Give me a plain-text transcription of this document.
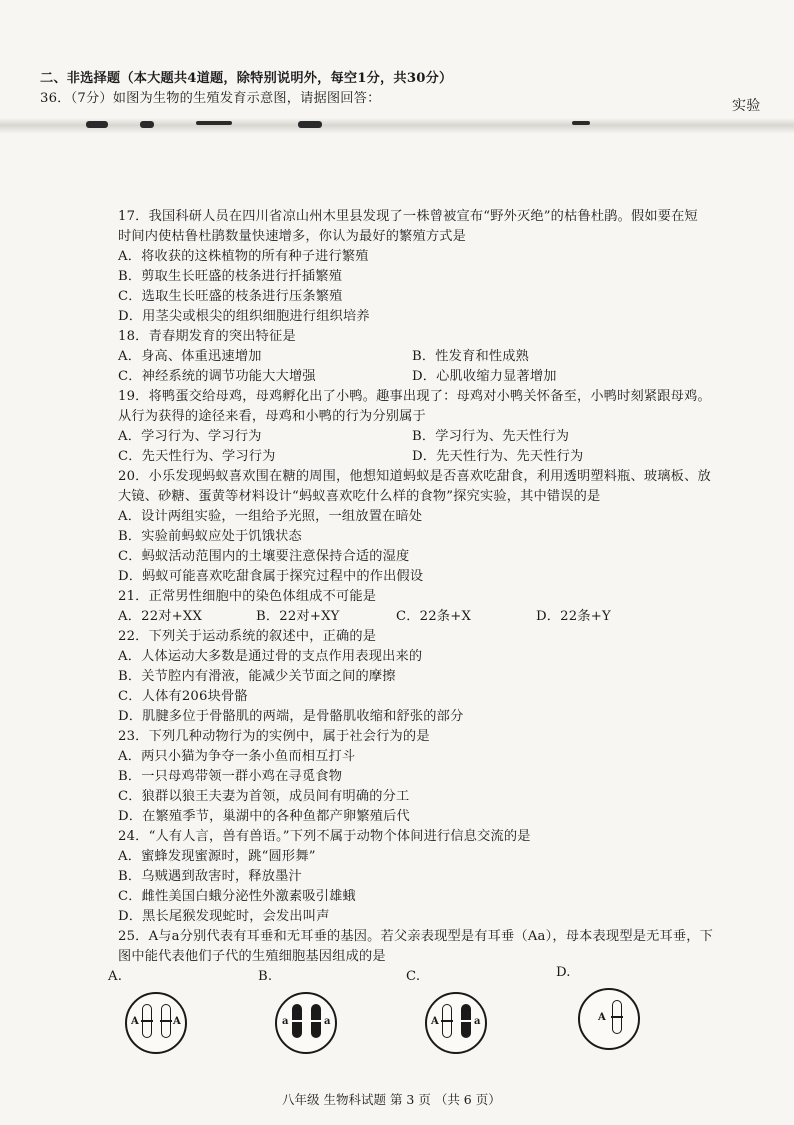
二、非选择题（本大题共4道题，除特别说明外，每空1分，共30分）
36．（7分）如图为生物的生殖发育示意图，请据图回答：	实验
17．我国科研人员在四川省凉山州木里县发现了一株曾被宣布“野外灭绝”的枯鲁杜鹃。假如要在短
时间内使枯鲁杜鹃数量快速增多，你认为最好的繁殖方式是
A．将收获的这株植物的所有种子进行繁殖
B．剪取生长旺盛的枝条进行扦插繁殖
C．选取生长旺盛的枝条进行压条繁殖
D．用茎尖或根尖的组织细胞进行组织培养
18．青春期发育的突出特征是
A．身高、体重迅速增加	B．性发育和性成熟
C．神经系统的调节功能大大增强	D．心肌收缩力显著增加
19．将鸭蛋交给母鸡，母鸡孵化出了小鸭。趣事出现了：母鸡对小鸭关怀备至，小鸭时刻紧跟母鸡。
从行为获得的途径来看，母鸡和小鸭的行为分别属于
A．学习行为、学习行为	B．学习行为、先天性行为
C．先天性行为、学习行为	D．先天性行为、先天性行为
20．小乐发现蚂蚁喜欢围在糖的周围，他想知道蚂蚁是否喜欢吃甜食，利用透明塑料瓶、玻璃板、放
大镜、砂糖、蛋黄等材料设计“蚂蚁喜欢吃什么样的食物”探究实验，其中错误的是
A．设计两组实验，一组给予光照，一组放置在暗处
B．实验前蚂蚁应处于饥饿状态
C．蚂蚁活动范围内的土壤要注意保持合适的湿度
D．蚂蚁可能喜欢吃甜食属于探究过程中的作出假设
21．正常男性细胞中的染色体组成不可能是
A．22对+XX	B．22对+XY	C．22条+X	D．22条+Y
22．下列关于运动系统的叙述中，正确的是
A．人体运动大多数是通过骨的支点作用表现出来的
B．关节腔内有滑液，能减少关节面之间的摩擦
C．人体有206块骨骼
D．肌腱多位于骨骼肌的两端，是骨骼肌收缩和舒张的部分
23．下列几种动物行为的实例中，属于社会行为的是
A．两只小猫为争夺一条小鱼而相互打斗
B．一只母鸡带领一群小鸡在寻觅食物
C．狼群以狼王夫妻为首领，成员间有明确的分工
D．在繁殖季节，巢湖中的各种鱼都产卵繁殖后代
24．“人有人言，兽有兽语。”下列不属于动物个体间进行信息交流的是
A．蜜蜂发现蜜源时，跳“圆形舞”
B．乌贼遇到敌害时，释放墨汁
C．雌性美国白蛾分泌性外激素吸引雄蛾
D．黑长尾猴发现蛇时，会发出叫声
25．A与a分别代表有耳垂和无耳垂的基因。若父亲表现型是有耳垂（Aa），母本表现型是无耳垂，下
图中能代表他们子代的生殖细胞基因组成的是
A.	B.	C.	D.
A	A	a	a	A	a	A
八年级 生物科试题 第 3 页 （共 6 页）
